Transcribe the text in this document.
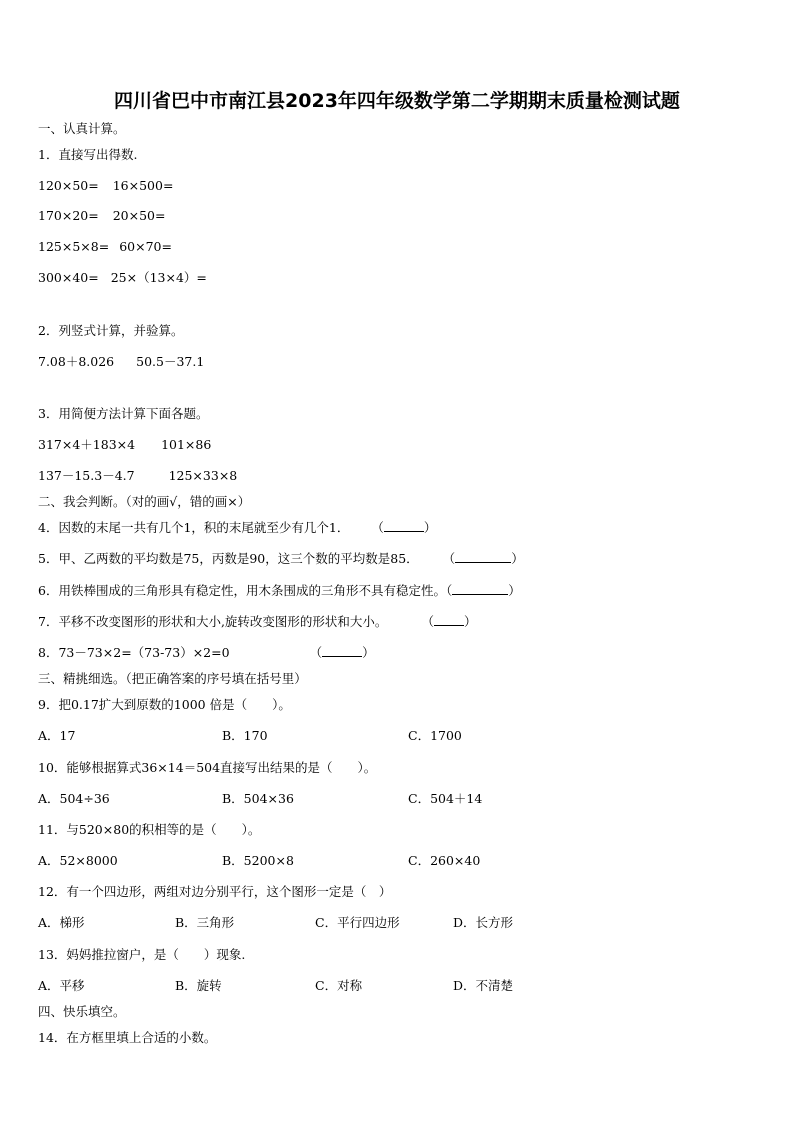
四川省巴中市南江县2023年四年级数学第二学期期末质量检测试题
一、认真计算。
1．直接写出得数.
120×50= 16×500=
170×20= 20×50=
125×5×8= 60×70=
300×40= 25×（13×4）=
2．列竖式计算，并验算。
7.08＋8.026 50.5－37.1
3．用简便方法计算下面各题。
317×4＋183×4 101×86
137－15.3－4.7	125×33×8
二、我会判断。（对的画√，错的画×）
4．因数的末尾一共有几个1，积的末尾就至少有几个1． （	）
5．甲、乙两数的平均数是75，丙数是90，这三个数的平均数是85． （	）
6．用铁棒围成的三角形具有稳定性，用木条围成的三角形不具有稳定性。（	）
7．平移不改变图形的形状和大小,旋转改变图形的形状和大小。	（ ）
8．73－73×2=（73-73）×2=0	（	）
三、精挑细选。（把正确答案的序号填在括号里）
9．把0.17扩大到原数的1000 倍是（　　）。
A．17	B．170	C．1700
10．能够根据算式36×14＝504直接写出结果的是（　　）。
A．504÷36	B．504×36	C．504＋14
11．与520×80的积相等的是（　　）。
A．52×8000	B．5200×8	C．260×40
12．有一个四边形，两组对边分别平行，这个图形一定是（　）
A．梯形	B．三角形	C．平行四边形	D．长方形
13．妈妈推拉窗户，是（　　）现象.
A．平移	B．旋转	C．对称	D．不清楚
四、快乐填空。
14．在方框里填上合适的小数。
